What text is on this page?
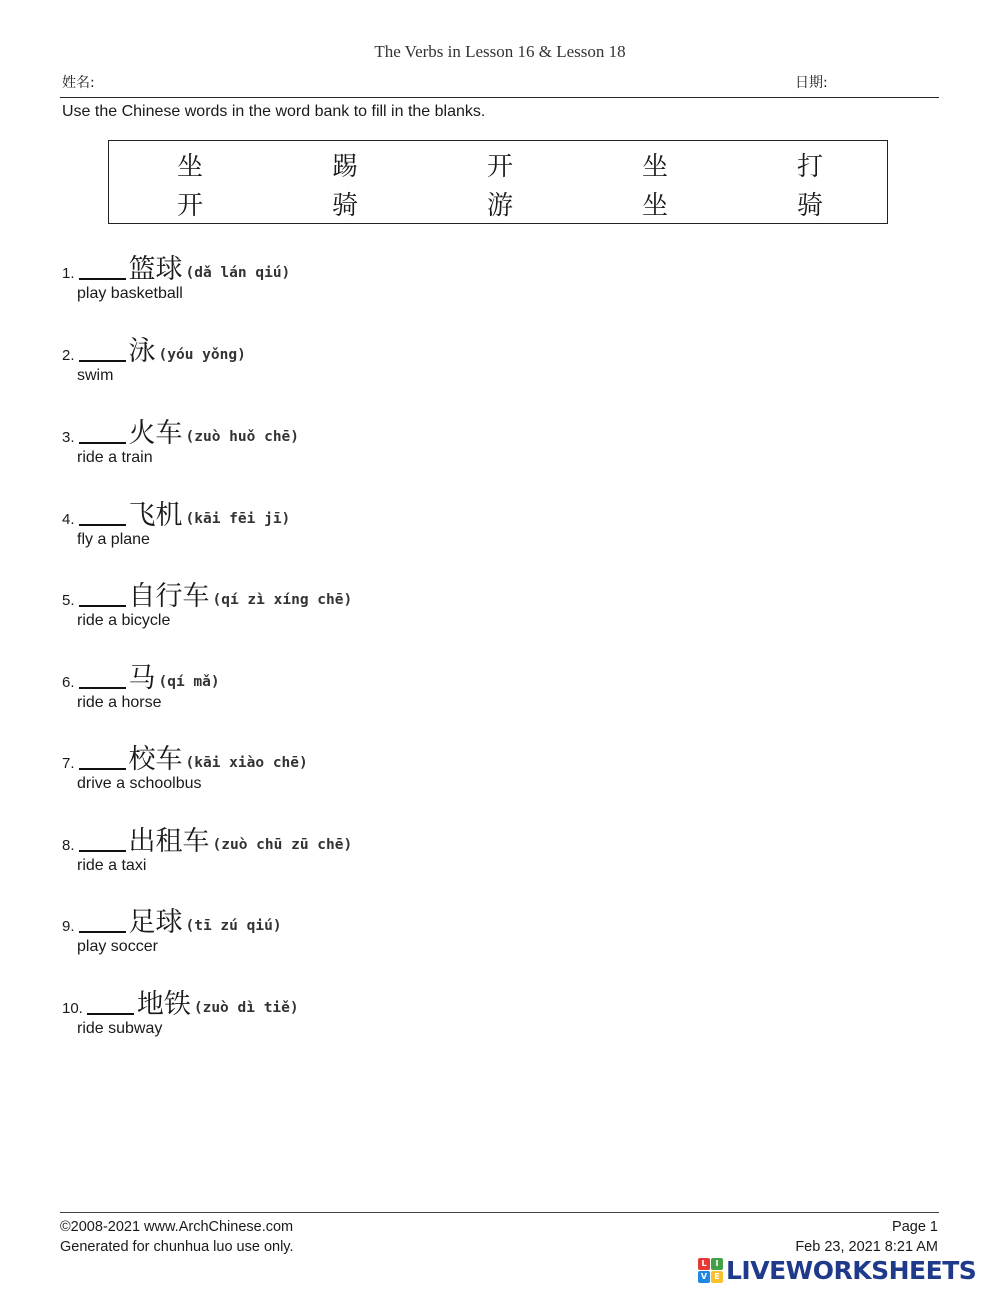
The Verbs in Lesson 16 & Lesson 18
姓名:	日期:
Use the Chinese words in the word bank to fill in the blanks.
坐	踢	开	坐	打
开	骑	游	坐	骑
1. 篮球 (dǎ lán qiú)
play basketball
2. 泳 (yóu yǒng)
swim
3. 火车 (zuò huǒ chē)
ride a train
4. 飞机 (kāi fēi jī)
fly a plane
5. 自行车 (qí zì xíng chē)
ride a bicycle
6. 马 (qí mǎ)
ride a horse
7. 校车 (kāi xiào chē)
drive a schoolbus
8. 出租车 (zuò chū zū chē)
ride a taxi
9. 足球 (tī zú qiú)
play soccer
10. 地铁 (zuò dì tiě)
ride subway
©2008-2021 www.ArchChinese.com
Generated for chunhua luo use only.
Page 1
Feb 23, 2021 8:21 AM
L	I
V E LIVEWORKSHEETS
